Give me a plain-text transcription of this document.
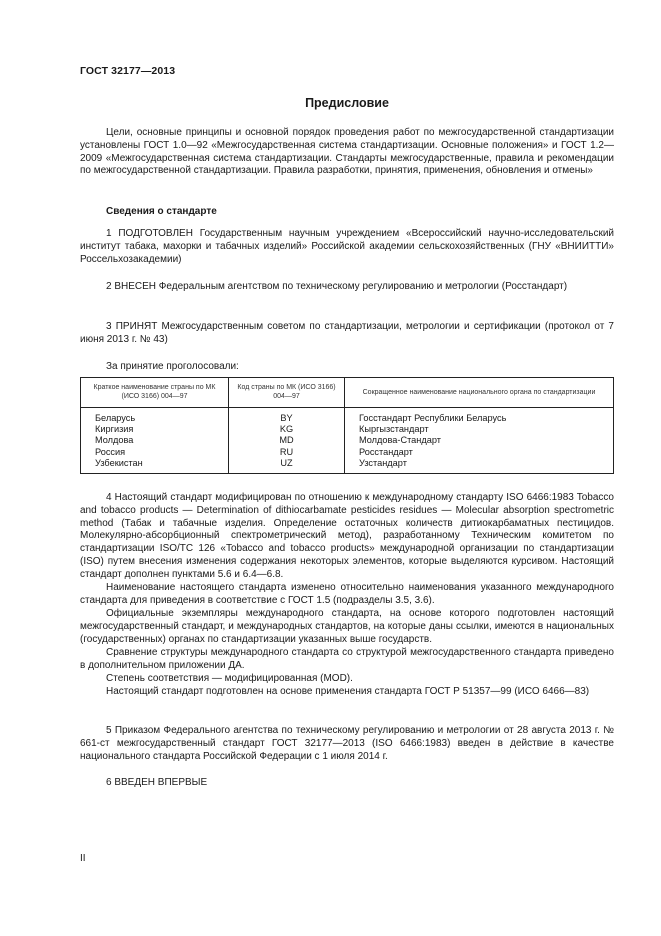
ГОСТ 32177—2013
Предисловие

Цели, основные принципы и основной порядок проведения работ по межгосударственной стандартизации установлены ГОСТ 1.0—92 «Межгосударственная система стандартизации. Основные положения» и ГОСТ 1.2—2009 «Межгосударственная система стандартизации. Стандарты межгосударственные, правила и рекомендации по межгосударственной стандартизации. Правила разработки, принятия, применения, обновления и отмены»

Сведения о стандарте

1 ПОДГОТОВЛЕН Государственным научным учреждением «Всероссийский научно-исследовательский институт табака, махорки и табачных изделий» Российской академии сельскохозяйственных (ГНУ «ВНИИТТИ» Россельхозакадемии)

2 ВНЕСЕН Федеральным агентством по техническому регулированию и метрологии (Росстандарт)

3 ПРИНЯТ Межгосударственным советом по стандартизации, метрологии и сертификации (протокол от 7 июня 2013 г. № 43)

За принятие проголосовали:
Краткое наименование страны по МК (ИСО 3166) 004—97	Код страны по МК (ИСО 3166) 004—97	Сокращенное наименование национального органа по стандартизации
Беларусь	BY	Госстандарт Республики Беларусь
Киргизия	KG	Кыргызстандарт
Молдова	MD	Молдова-Стандарт
Россия	RU	Росстандарт
Узбекистан	UZ	Узстандарт

4 Настоящий стандарт модифицирован по отношению к международному стандарту ISO 6466:1983 Tobacco and tobacco products — Determination of dithiocarbamate pesticides residues — Molecular absorption spectrometric method (Табак и табачные изделия. Определение остаточных количеств дитиокарбаматных пестицидов. Молекулярно-абсорбционный спектрометрический метод), разработанному Техническим комитетом по стандартизации ISO/TC 126 «Tobacco and tobacco products» международной организации по стандартизации (ISO) путем внесения изменения содержания некоторых элементов, которые выделяются курсивом. Настоящий стандарт дополнен пунктами 5.6 и 6.4—6.8.

Наименование настоящего стандарта изменено относительно наименования указанного международного стандарта для приведения в соответствие с ГОСТ 1.5 (подразделы 3.5, 3.6).

Официальные экземпляры международного стандарта, на основе которого подготовлен настоящий межгосударственный стандарт, и международных стандартов, на которые даны ссылки, имеются в национальных (государственных) органах по стандартизации указанных выше государств.

Сравнение структуры международного стандарта со структурой межгосударственного стандарта приведено в дополнительном приложении ДА.

Степень соответствия — модифицированная (MOD).

Настоящий стандарт подготовлен на основе применения стандарта ГОСТ Р 51357—99 (ИСО 6466—83)

5 Приказом Федерального агентства по техническому регулированию и метрологии от 28 августа 2013 г. № 661-ст межгосударственный стандарт ГОСТ 32177—2013 (ISO 6466:1983) введен в действие в качестве национального стандарта Российской Федерации с 1 июля 2014 г.

6 ВВЕДЕН ВПЕРВЫЕ

II
